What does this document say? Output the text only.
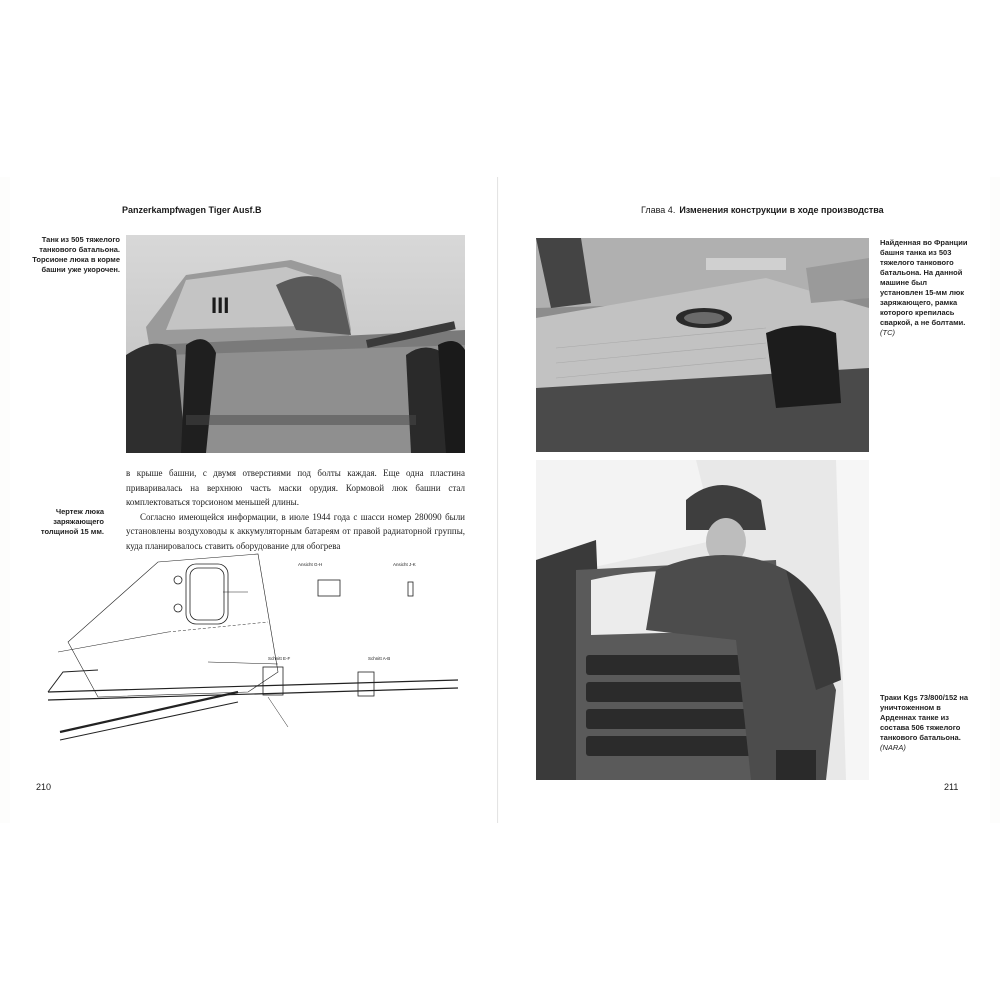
Panzerkampfwagen Tiger Ausf.B
Танк из 505 тяжелого танкового батальона. Торсионе люка в корме башни уже укорочен.
III
Чертеж люка заряжающего толщиной 15 мм.

в крыше башни, с двумя отверстиями под болты каждая. Еще одна пластина приваривалась на верхнюю часть маски орудия. Кормовой люк башни стал комплектоваться торсионом меньшей длины.

Согласно имеющейся информации, в июле 1944 года с шасси номер 280090 были установлены воздуховоды к аккумуляторным батареям от правой радиаторной группы, куда планировалось ставить оборудование для обогрева

Ansicht G-H	Ansicht J-K
Schnitt E-F	Schnitt A-B
210
Глава 4. Изменения конструкции в ходе производства
Найденная во Франции башня танка из 503 тяжелого танкового батальона. На данной машине был установлен 15-мм люк заряжающего, рамка которого крепилась сваркой, а не болтами. (TC)
Траки Kgs 73/800/152 на уничтоженном в Арденнах танке из состава 506 тяжелого танкового батальона. (NARA)
211
